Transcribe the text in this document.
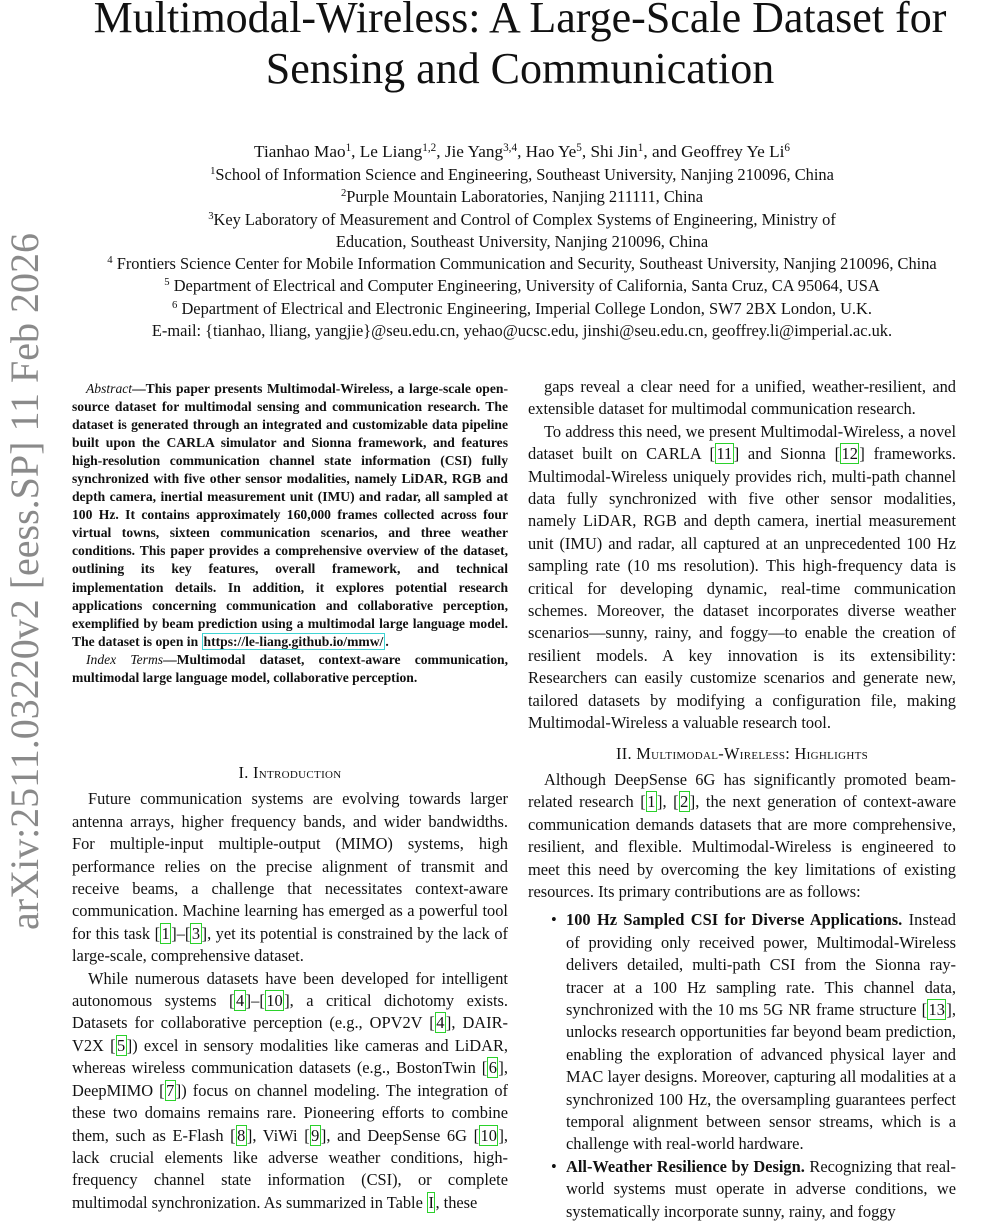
arXiv:2511.03220v2 [eess.SP] 11 Feb 2026
Multimodal-Wireless: A Large-Scale Dataset for
Sensing and Communication
Tianhao Mao$^1$, Le Liang$^{1,2}$, Jie Yang$^{3,4}$, Hao Ye$^5$, Shi Jin$^1$, and Geoffrey Ye Li$^6$
$^1$School of Information Science and Engineering, Southeast University, Nanjing 210096, China
$^2$Purple Mountain Laboratories, Nanjing 211111, China
$^3$Key Laboratory of Measurement and Control of Complex Systems of Engineering, Ministry of
Education, Southeast University, Nanjing 210096, China
$^4$ Frontiers Science Center for Mobile Information Communication and Security, Southeast University, Nanjing 210096, China
$^5$ Department of Electrical and Computer Engineering, University of California, Santa Cruz, CA 95064, USA
$^6$ Department of Electrical and Electronic Engineering, Imperial College London, SW7 2BX London, U.K.
E-mail: {tianhao, lliang, yangjie}@seu.edu.cn, yehao@ucsc.edu, jinshi@seu.edu.cn, geoffrey.li@imperial.ac.uk.

Abstract—This paper presents Multimodal-Wireless, a large-scale open-source dataset for multimodal sensing and communication research. The dataset is generated through an integrated and customizable data pipeline built upon the CARLA simulator and Sionna framework, and features high-resolution communication channel state information (CSI) fully synchronized with five other sensor modalities, namely LiDAR, RGB and depth camera, inertial measurement unit (IMU) and radar, all sampled at 100 Hz. It contains approximately 160,000 frames collected across four virtual towns, sixteen communication scenarios, and three weather conditions. This paper provides a comprehensive overview of the dataset, outlining its key features, overall framework, and technical implementation details. In addition, it explores potential research applications concerning communication and collaborative perception, exemplified by beam prediction using a multimodal large language model. The dataset is open in https://le-liang.github.io/mmw/ .

Index Terms—Multimodal dataset, context-aware communication, multimodal large language model, collaborative perception.

I. Introduction

Future communication systems are evolving towards larger antenna arrays, higher frequency bands, and wider bandwidths. For multiple-input multiple-output (MIMO) systems, high performance relies on the precise alignment of transmit and receive beams, a challenge that necessitates context-aware communication. Machine learning has emerged as a powerful tool for this task [1]–[3], yet its potential is constrained by the lack of large-scale, comprehensive dataset.

While numerous datasets have been developed for intelligent autonomous systems [4]–[10], a critical dichotomy exists. Datasets for collaborative perception (e.g., OPV2V [4], DAIR-V2X [5]) excel in sensory modalities like cameras and LiDAR, whereas wireless communication datasets (e.g., BostonTwin [6], DeepMIMO [7]) focus on channel modeling. The integration of these two domains remains rare. Pioneering efforts to combine them, such as E-Flash [8], ViWi [9], and DeepSense 6G [10], lack crucial elements like adverse weather conditions, high-frequency channel state information (CSI), or complete multimodal synchronization. As summarized in Table I, these

gaps reveal a clear need for a unified, weather-resilient, and extensible dataset for multimodal communication research.

To address this need, we present Multimodal-Wireless, a novel dataset built on CARLA [11] and Sionna [12] frameworks. Multimodal-Wireless uniquely provides rich, multi-path channel data fully synchronized with five other sensor modalities, namely LiDAR, RGB and depth camera, inertial measurement unit (IMU) and radar, all captured at an unprecedented 100 Hz sampling rate (10 ms resolution). This high-frequency data is critical for developing dynamic, real-time communication schemes. Moreover, the dataset incorporates diverse weather scenarios—sunny, rainy, and foggy—to enable the creation of resilient models. A key innovation is its extensibility: Researchers can easily customize scenarios and generate new, tailored datasets by modifying a configuration file, making Multimodal-Wireless a valuable research tool.

II. Multimodal-Wireless: Highlights

Although DeepSense 6G has significantly promoted beam-related research [1], [2], the next generation of context-aware communication demands datasets that are more comprehensive, resilient, and flexible. Multimodal-Wireless is engineered to meet this need by overcoming the key limitations of existing resources. Its primary contributions are as follows:

• 100 Hz Sampled CSI for Diverse Applications. Instead of providing only received power, Multimodal-Wireless delivers detailed, multi-path CSI from the Sionna ray-tracer at a 100 Hz sampling rate. This channel data, synchronized with the 10 ms 5G NR frame structure [13], unlocks research opportunities far beyond beam prediction, enabling the exploration of advanced physical layer and MAC layer designs. Moreover, capturing all modalities at a synchronized 100 Hz, the oversampling guarantees perfect temporal alignment between sensor streams, which is a challenge with real-world hardware.
• All-Weather Resilience by Design. Recognizing that real-world systems must operate in adverse conditions, we systematically incorporate sunny, rainy, and foggy
